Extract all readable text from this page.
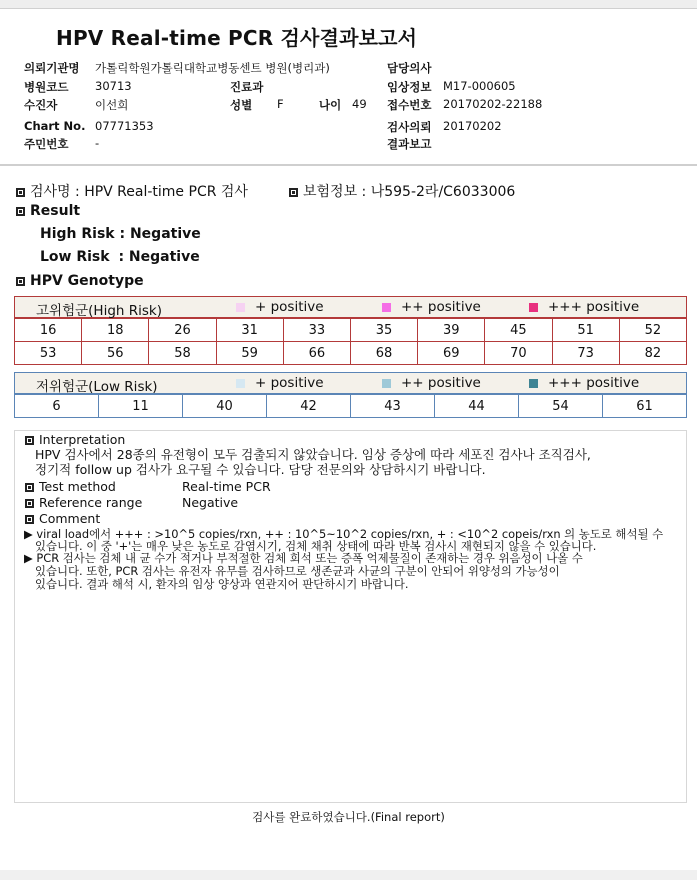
HPV Real-time PCR 검사결과보고서
의뢰기관명 가톨릭학원가톨릭대학교병동센트 병원(병리과)	담당의사
병원코드 30713	진료과	임상정보 M17-000605
수진자	이선희	성별 F	나이 49 접수번호 20170202-22188
Chart No. 07771353	검사의뢰 20170202
주민번호 -	결과보고
검사명 : HPV Real-time PCR 검사	보험정보 : 나595-2라/C6033006
Result
High Risk : Negative
Low Risk : Negative
HPV Genotype
고위험군(High Risk)	+ positive	++ positive	+++ positive
16	18	26	31	33	35	39	45	51	52
53	56	58	59	66	68	69	70	73	82
저위험군(Low Risk)	+ positive	++ positive	+++ positive
6	11	40	42	43	44	54	61
Interpretation
HPV 검사에서 28종의 유전형이 모두 검출되지 않았습니다. 임상 증상에 따라 세포진 검사나 조직검사,
정기적 follow up 검사가 요구될 수 있습니다. 담당 전문의와 상담하시기 바랍니다.
Test method	Real-time PCR
Reference range	Negative
Comment
▶ viral load에서 +++ : >10^5 copies/rxn, ++ : 10^5~10^2 copies/rxn, + : <10^2 copeis/rxn 의 농도로 해석될 수
있습니다. 이 중 '+'는 매우 낮은 농도로 감염시기, 검체 채취 상태에 따라 반복 검사시 재현되지 않을 수 있습니다.
▶ PCR 검사는 검체 내 균 수가 적거나 부적절한 검체 희석 또는 증폭 억제물질이 존재하는 경우 위음성이 나올 수
있습니다. 또한, PCR 검사는 유전자 유무를 검사하므로 생존균과 사균의 구분이 안되어 위양성의 가능성이
있습니다. 결과 해석 시, 환자의 임상 양상과 연관지어 판단하시기 바랍니다.
검사를 완료하였습니다.(Final report)
